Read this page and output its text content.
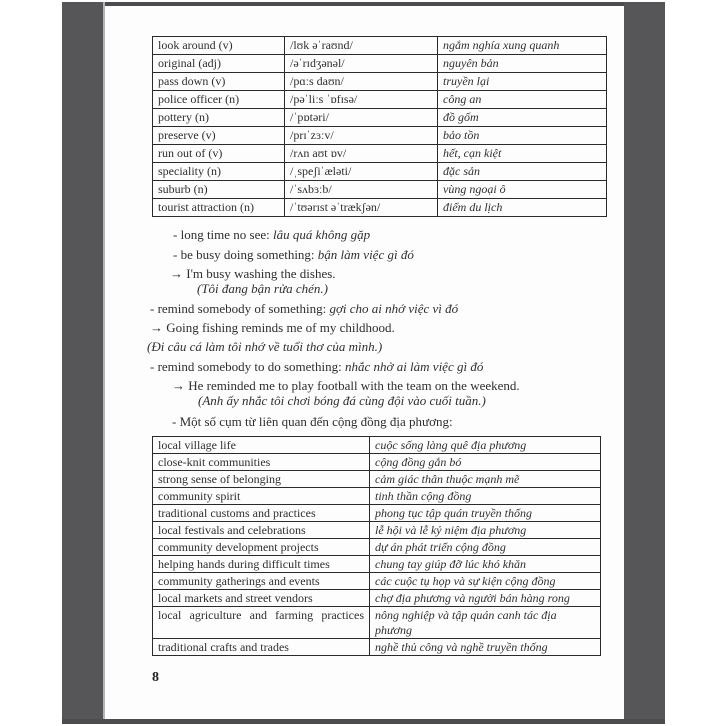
look around (v)	/lʊk əˈraʊnd/	ngắm nghía xung quanh
original (adj)	/əˈrɪdʒənəl/	nguyên bản
pass down (v)	/pɑːs daʊn/	truyền lại
police officer (n)	/pəˈliːs ˈɒfɪsə/	công an
pottery (n)	/ˈpɒtəri/	đồ gốm
preserve (v)	/prɪˈzɜːv/	bảo tồn
run out of (v)	/rʌn aʊt ɒv/	hết, cạn kiệt
speciality (n)	/ˌspeʃiˈæləti/	đặc sản
suburb (n)	/ˈsʌbɜːb/	vùng ngoại ô
tourist attraction (n)	/ˈtʊərɪst əˈtrækʃən/	điểm du lịch
- long time no see: lâu quá không gặp
- be busy doing something: bận làm việc gì đó
→ I'm busy washing the dishes.
(Tôi đang bận rửa chén.)
- remind somebody of something: gợi cho ai nhớ việc vì đó
→ Going fishing reminds me of my childhood.
(Đi câu cá làm tôi nhớ về tuổi thơ của mình.)
- remind somebody to do something: nhắc nhở ai làm việc gì đó
→ He reminded me to play football with the team on the weekend.
(Anh ấy nhắc tôi chơi bóng đá cùng đội vào cuối tuần.)
- Một số cụm từ liên quan đến cộng đồng địa phương:
local village life	cuộc sống làng quê địa phương
close-knit communities	cộng đồng gắn bó
strong sense of belonging	cảm giác thân thuộc mạnh mẽ
community spirit	tinh thần cộng đồng
traditional customs and practices	phong tục tập quán truyền thống
local festivals and celebrations	lễ hội và lễ kỷ niệm địa phương
community development projects	dự án phát triển cộng đồng
helping hands during difficult times	chung tay giúp đỡ lúc khó khăn
community gatherings and events	các cuộc tụ họp và sự kiện cộng đồng
local markets and street vendors	chợ địa phương và người bán hàng rong
local agriculture and farming practices	nông nghiệp và tập quán canh tác địa phương
traditional crafts and trades	nghề thủ công và nghề truyền thống
8
